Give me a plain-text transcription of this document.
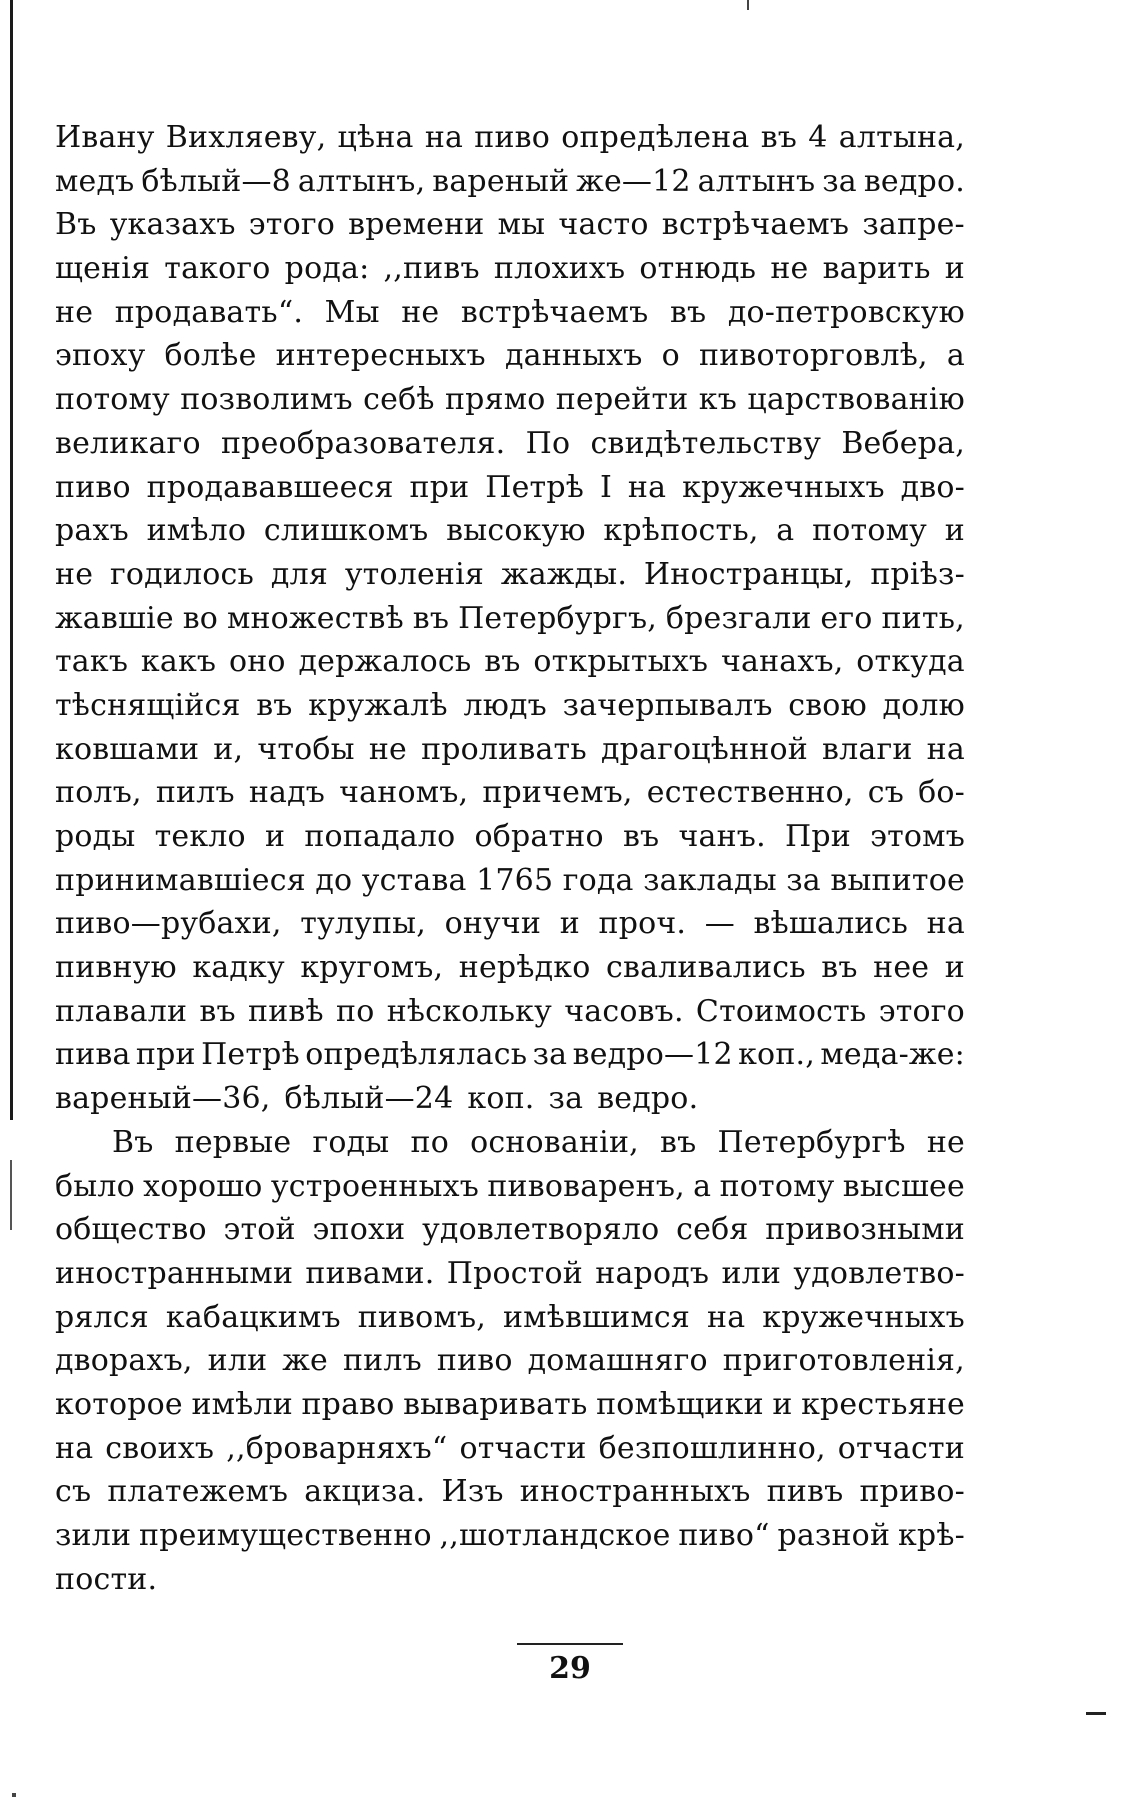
Ивану Вихляеву, цѣна на пиво опредѣлена въ 4 алтына,
медъ бѣлый—8 алтынъ, вареный же—12 алтынъ за ведро.
Въ указахъ этого времени мы часто встрѣчаемъ запре-
щенія такого рода: ,,пивъ плохихъ отнюдь не варить и
не продавать“. Мы не встрѣчаемъ въ до-петровскую
эпоху болѣе интересныхъ данныхъ о пивоторговлѣ, а
потому позволимъ себѣ прямо перейти къ царствованію
великаго преобразователя. По свидѣтельству Вебера,
пиво продававшееся при Петрѣ I на кружечныхъ дво-
рахъ имѣло слишкомъ высокую крѣпость, а потому и
не годилось для утоленія жажды. Иностранцы, пріѣз-
жавшіе во множествѣ въ Петербургъ, брезгали его пить,
такъ какъ оно держалось въ открытыхъ чанахъ, откуда
тѣснящійся въ кружалѣ людъ зачерпывалъ свою долю
ковшами и, чтобы не проливать драгоцѣнной влаги на
полъ, пилъ надъ чаномъ, причемъ, естественно, съ бо-
роды текло и попадало обратно въ чанъ. При этомъ
принимавшіеся до устава 1765 года заклады за выпитое
пиво—рубахи, тулупы, онучи и проч. — вѣшались на
пивную кадку кругомъ, нерѣдко сваливались въ нее и
плавали въ пивѣ по нѣскольку часовъ. Стоимость этого
пива при Петрѣ опредѣлялась за ведро—12 коп., меда-же:
вареный—36, бѣлый—24 коп. за ведро.
Въ первые годы по основаніи, въ Петербургѣ не
было хорошо устроенныхъ пивоваренъ, а потому высшее
общество этой эпохи удовлетворяло себя привозными
иностранными пивами. Простой народъ или удовлетво-
рялся кабацкимъ пивомъ, имѣвшимся на кружечныхъ
дворахъ, или же пилъ пиво домашняго приготовленія,
которое имѣли право вываривать помѣщики и крестьяне
на своихъ ,,броварняхъ“ отчасти безпошлинно, отчасти
съ платежемъ акциза. Изъ иностранныхъ пивъ приво-
зили преимущественно ,,шотландское пиво“ разной крѣ-
пости.
29
